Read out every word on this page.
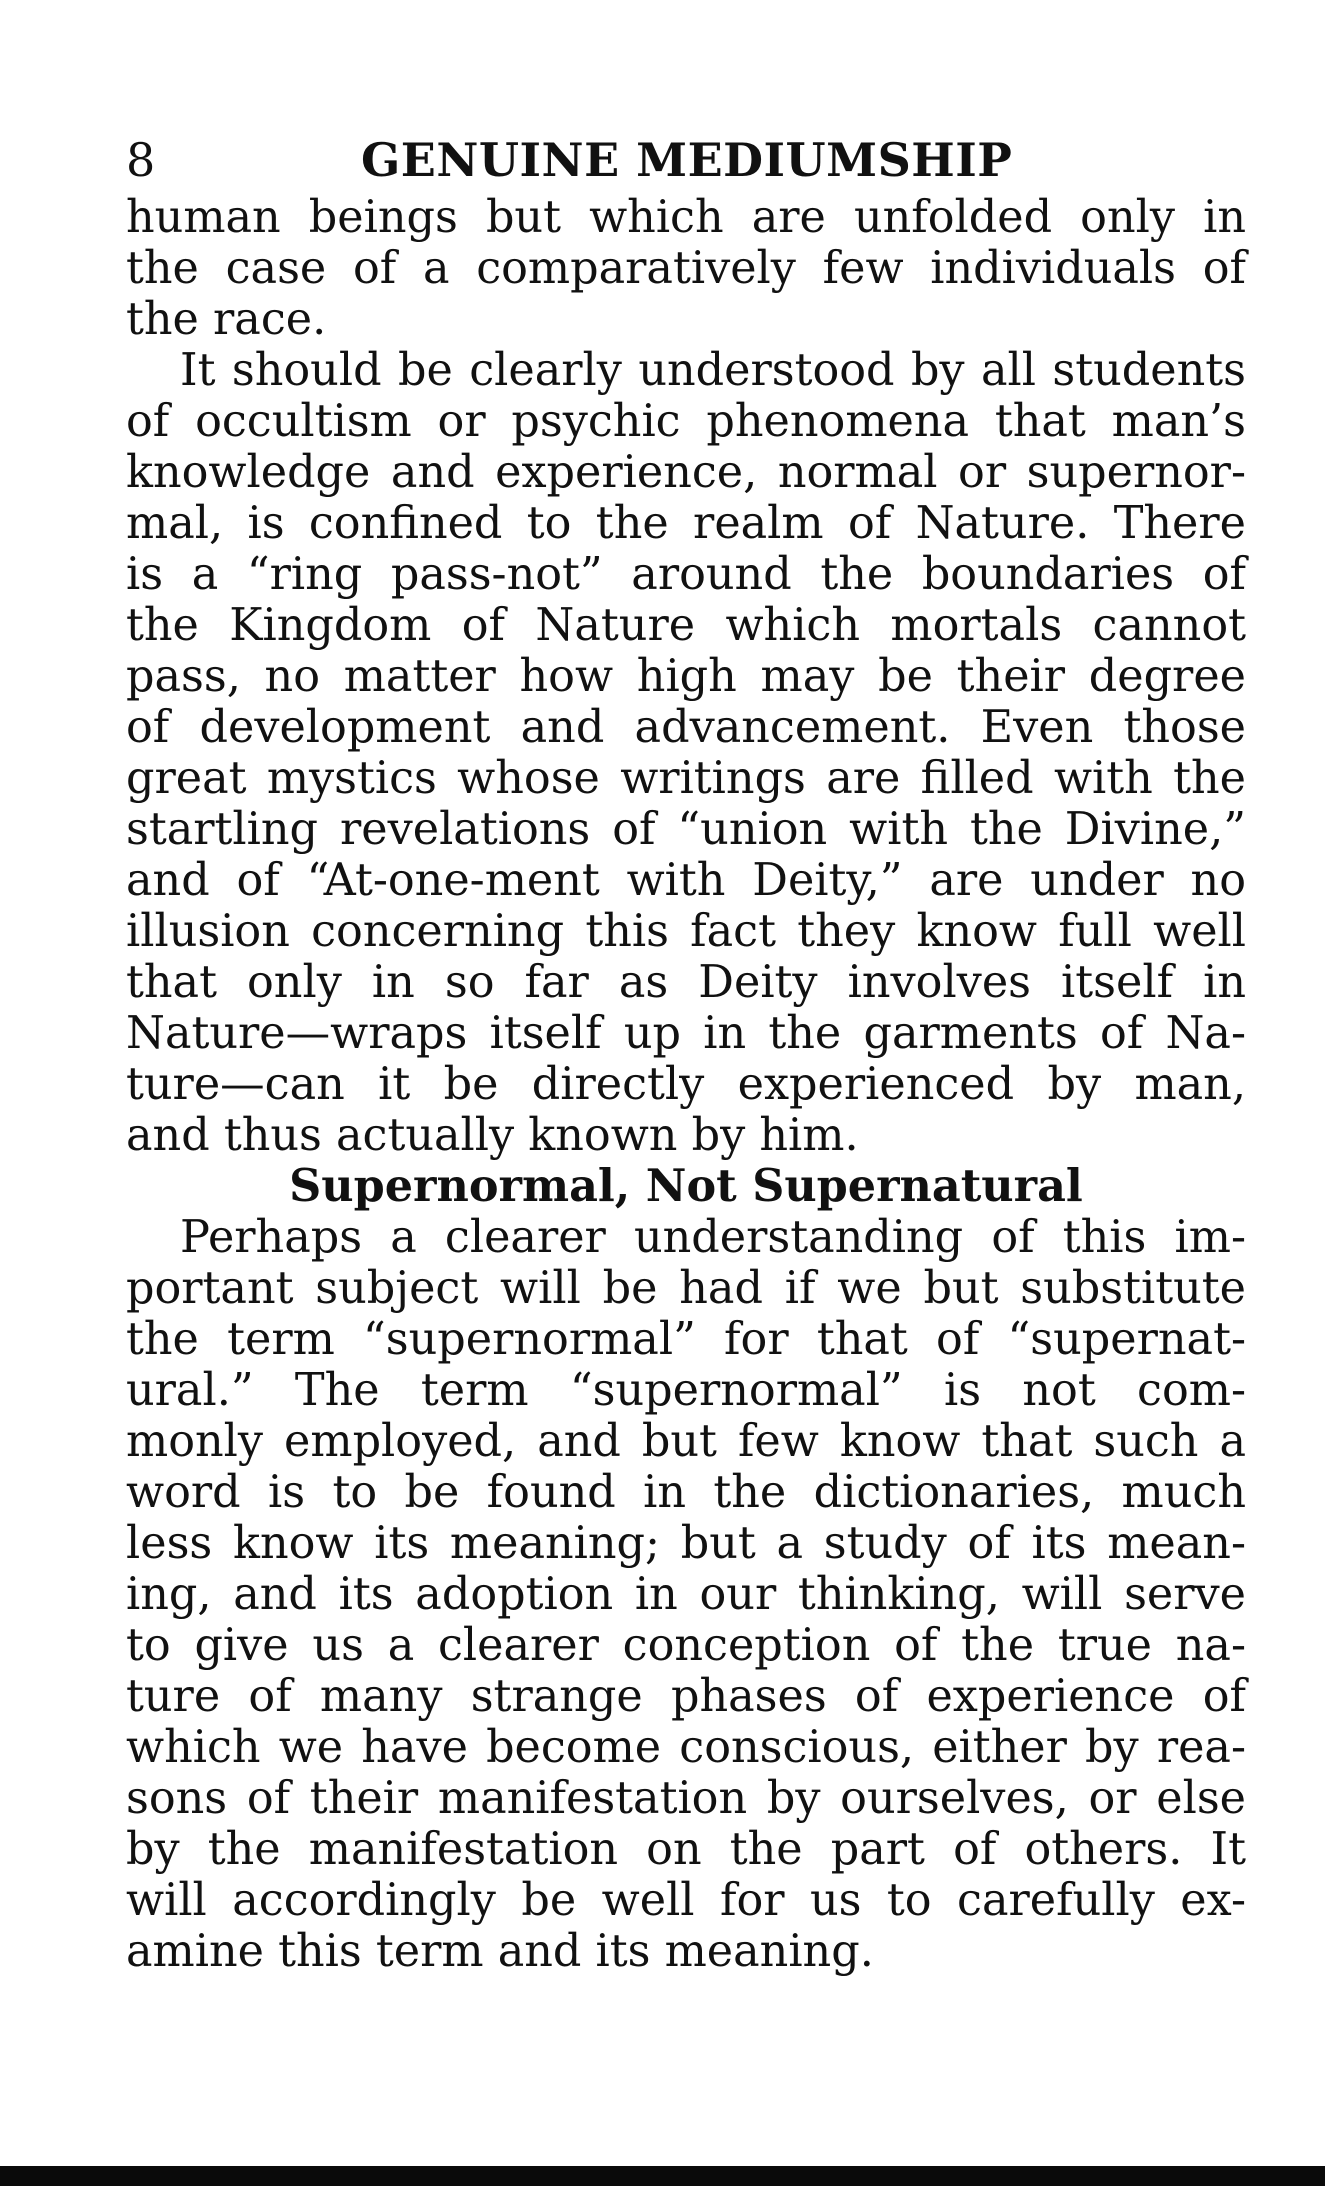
8	GENUINE MEDIUMSHIP
human beings but which are unfolded only in
the case of a comparatively few individuals of
the race.
It should be clearly understood by all students
of occultism or psychic phenomena that man’s
knowledge and experience, normal or supernor-
mal, is confined to the realm of Nature. There
is a “ring pass-not” around the boundaries of
the Kingdom of Nature which mortals cannot
pass, no matter how high may be their degree
of development and advancement. Even those
great mystics whose writings are filled with the
startling revelations of “union with the Divine,”
and of “At-one-ment with Deity,” are under no
illusion concerning this fact they know full well
that only in so far as Deity involves itself in
Nature—wraps itself up in the garments of Na-
ture—can it be directly experienced by man,
and thus actually known by him.
Supernormal, Not Supernatural
Perhaps a clearer understanding of this im-
portant subject will be had if we but substitute
the term “supernormal” for that of “supernat-
ural.” The term “supernormal” is not com-
monly employed, and but few know that such a
word is to be found in the dictionaries, much
less know its meaning; but a study of its mean-
ing, and its adoption in our thinking, will serve
to give us a clearer conception of the true na-
ture of many strange phases of experience of
which we have become conscious, either by rea-
sons of their manifestation by ourselves, or else
by the manifestation on the part of others. It
will accordingly be well for us to carefully ex-
amine this term and its meaning.
